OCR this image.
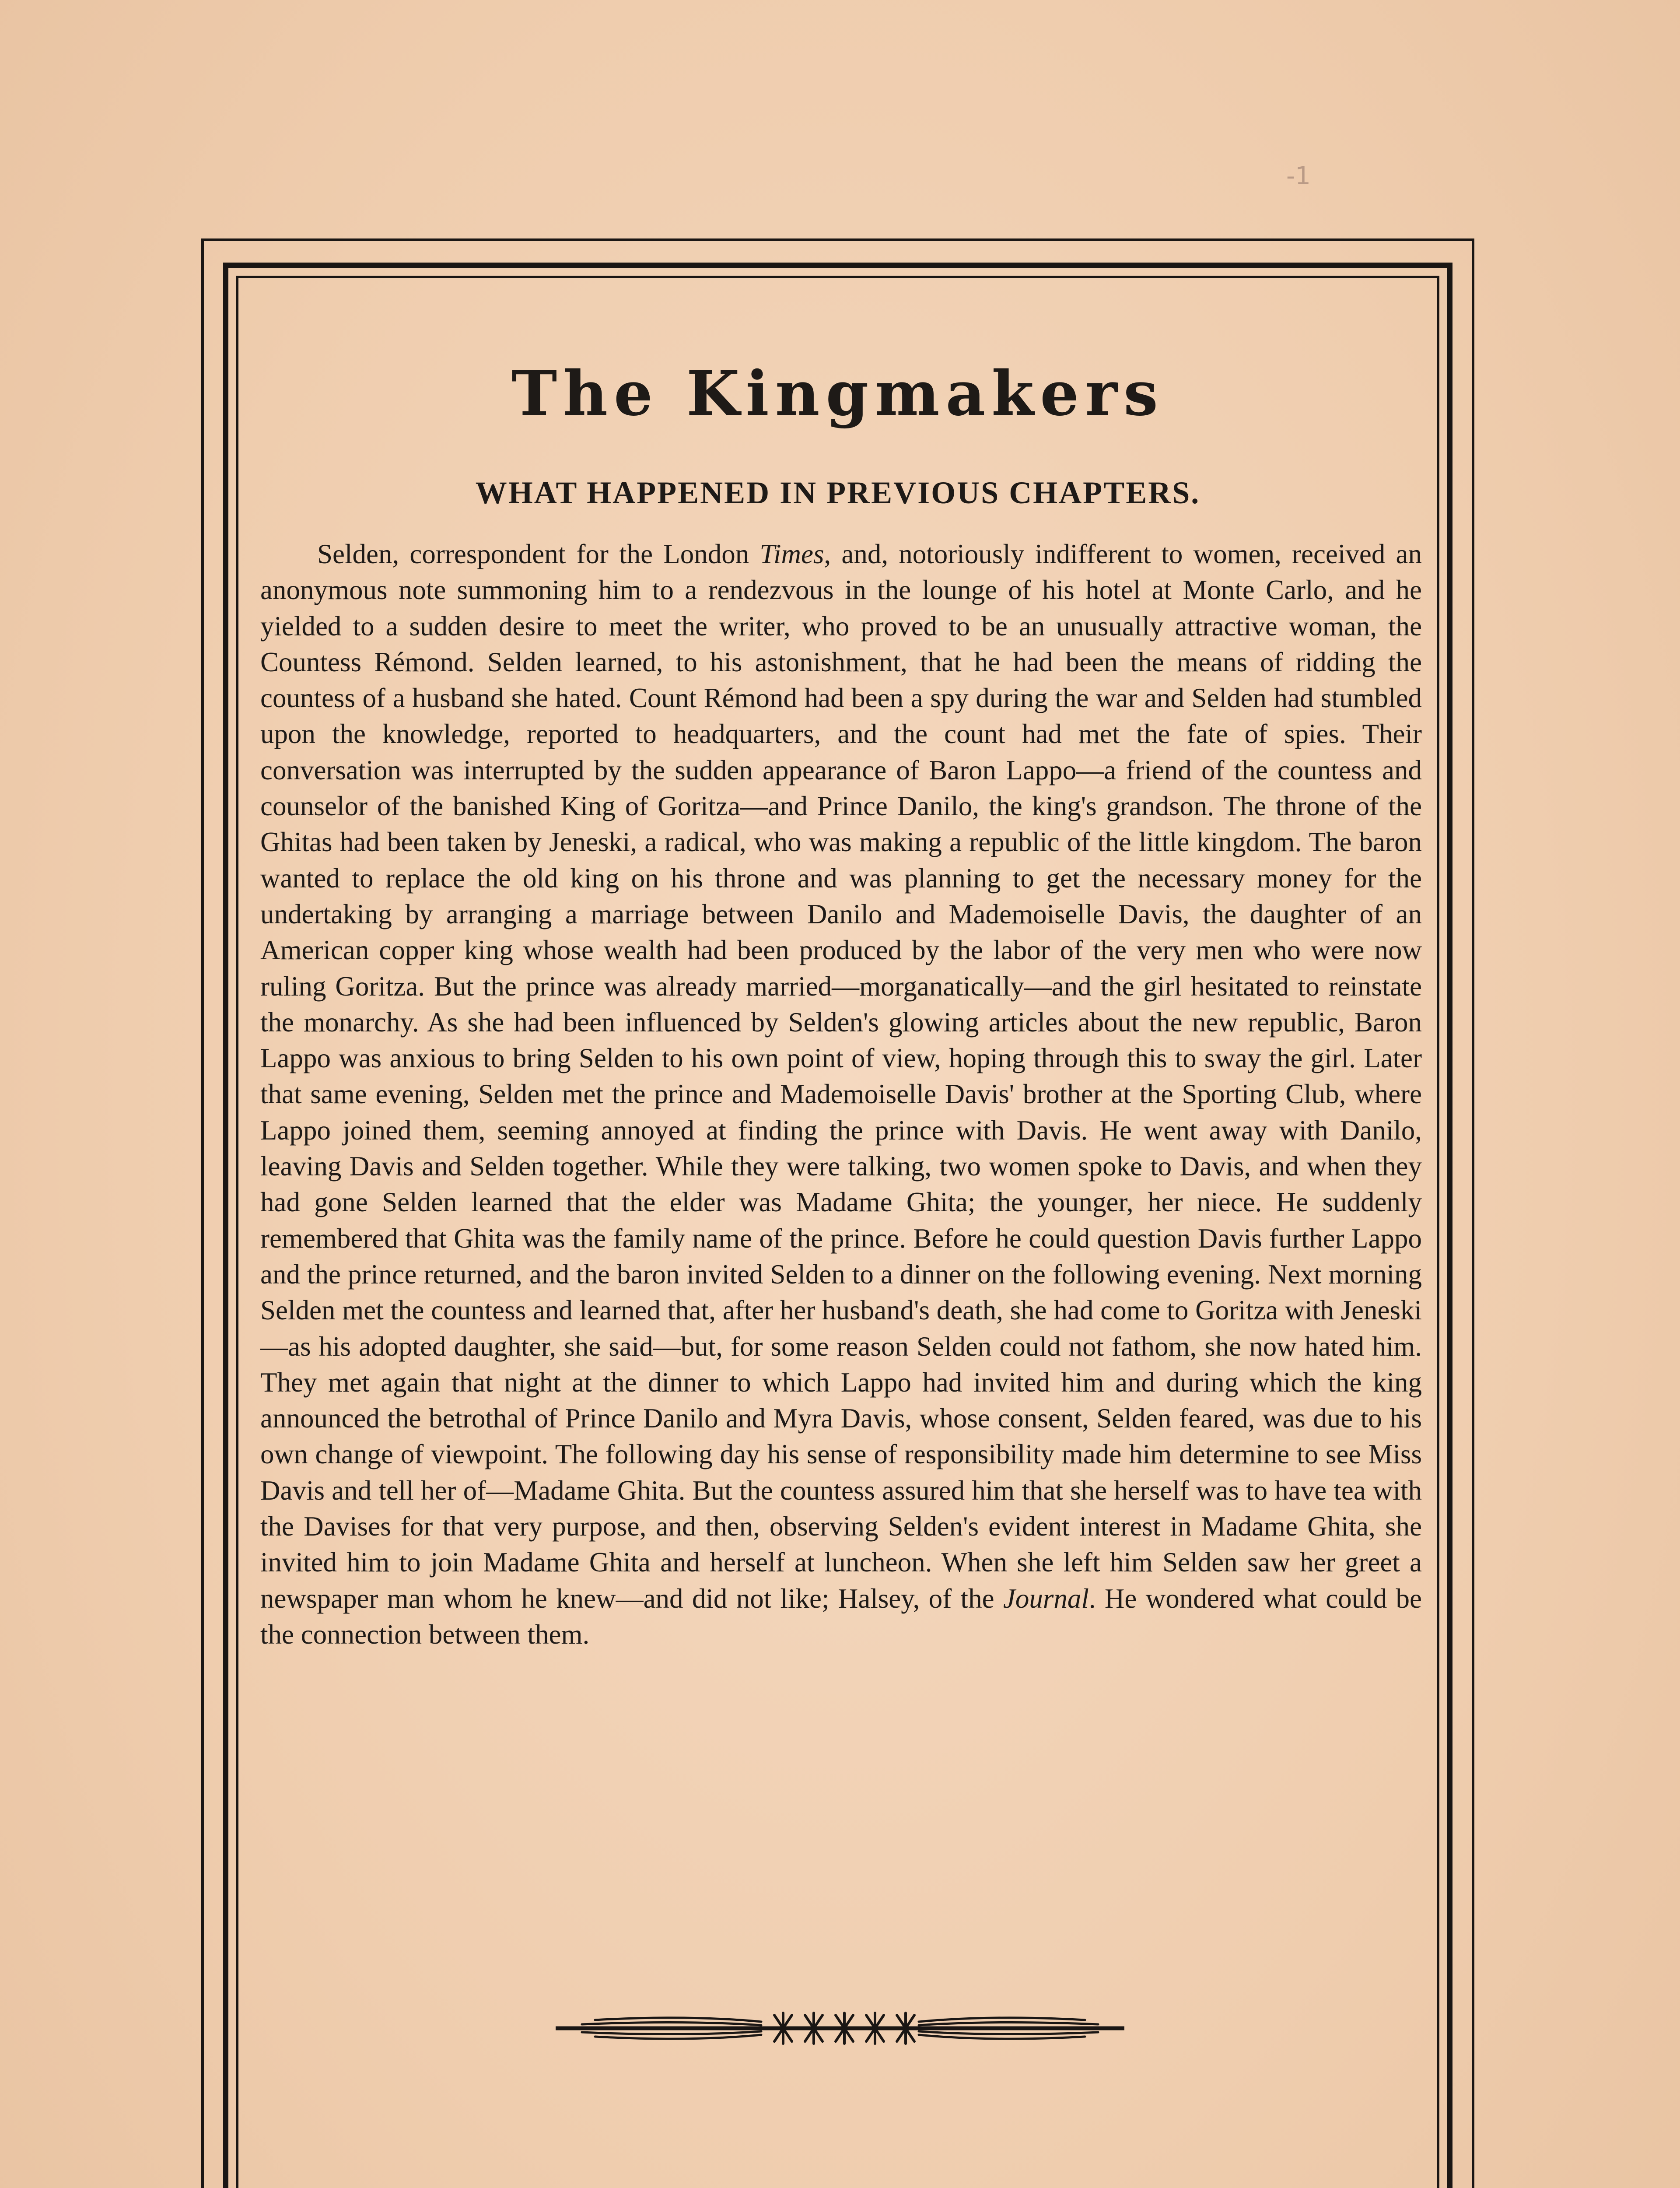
-1
The Kingmakers
WHAT HAPPENED IN PREVIOUS CHAPTERS.

Selden, correspondent for the London Times, and, notoriously indifferent to women, received an anonymous note summoning him to a rendezvous in the lounge of his hotel at Monte Carlo, and he yielded to a sudden desire to meet the writer, who proved to be an unusually attractive woman, the Countess Rémond. Selden learned, to his astonishment, that he had been the means of ridding the countess of a husband she hated. Count Rémond had been a spy during the war and Selden had stumbled upon the knowledge, reported to headquarters, and the count had met the fate of spies. Their conversation was interrupted by the sudden appearance of Baron Lappo—a friend of the countess and counselor of the banished King of Goritza—and Prince Danilo, the king's grandson. The throne of the Ghitas had been taken by Jeneski, a radical, who was making a republic of the little kingdom. The baron wanted to replace the old king on his throne and was planning to get the necessary money for the undertaking by arranging a marriage between Danilo and Mademoiselle Davis, the daughter of an American copper king whose wealth had been produced by the labor of the very men who were now ruling Goritza. But the prince was already married—morganatically—and the girl hesitated to reinstate the monarchy. As she had been influenced by Selden's glowing articles about the new republic, Baron Lappo was anxious to bring Selden to his own point of view, hoping through this to sway the girl. Later that same evening, Selden met the prince and Mademoiselle Davis' brother at the Sporting Club, where Lappo joined them, seeming annoyed at finding the prince with Davis. He went away with Danilo, leaving Davis and Selden together. While they were talking, two women spoke to Davis, and when they had gone Selden learned that the elder was Madame Ghita; the younger, her niece. He suddenly remembered that Ghita was the family name of the prince. Before he could question Davis further Lappo and the prince returned, and the baron invited Selden to a dinner on the following evening. Next morning Selden met the countess and learned that, after her husband's death, she had come to Goritza with Jeneski—as his adopted daughter, she said—but, for some reason Selden could not fathom, she now hated him. They met again that night at the dinner to which Lappo had invited him and during which the king announced the betrothal of Prince Danilo and Myra Davis, whose consent, Selden feared, was due to his own change of viewpoint. The following day his sense of responsibility made him determine to see Miss Davis and tell her of—Madame Ghita. But the countess assured him that she herself was to have tea with the Davises for that very purpose, and then, observing Selden's evident interest in Madame Ghita, she invited him to join Madame Ghita and herself at luncheon. When she left him Selden saw her greet a newspaper man whom he knew—and did not like; Halsey, of the Journal. He wondered what could be the connection between them.
